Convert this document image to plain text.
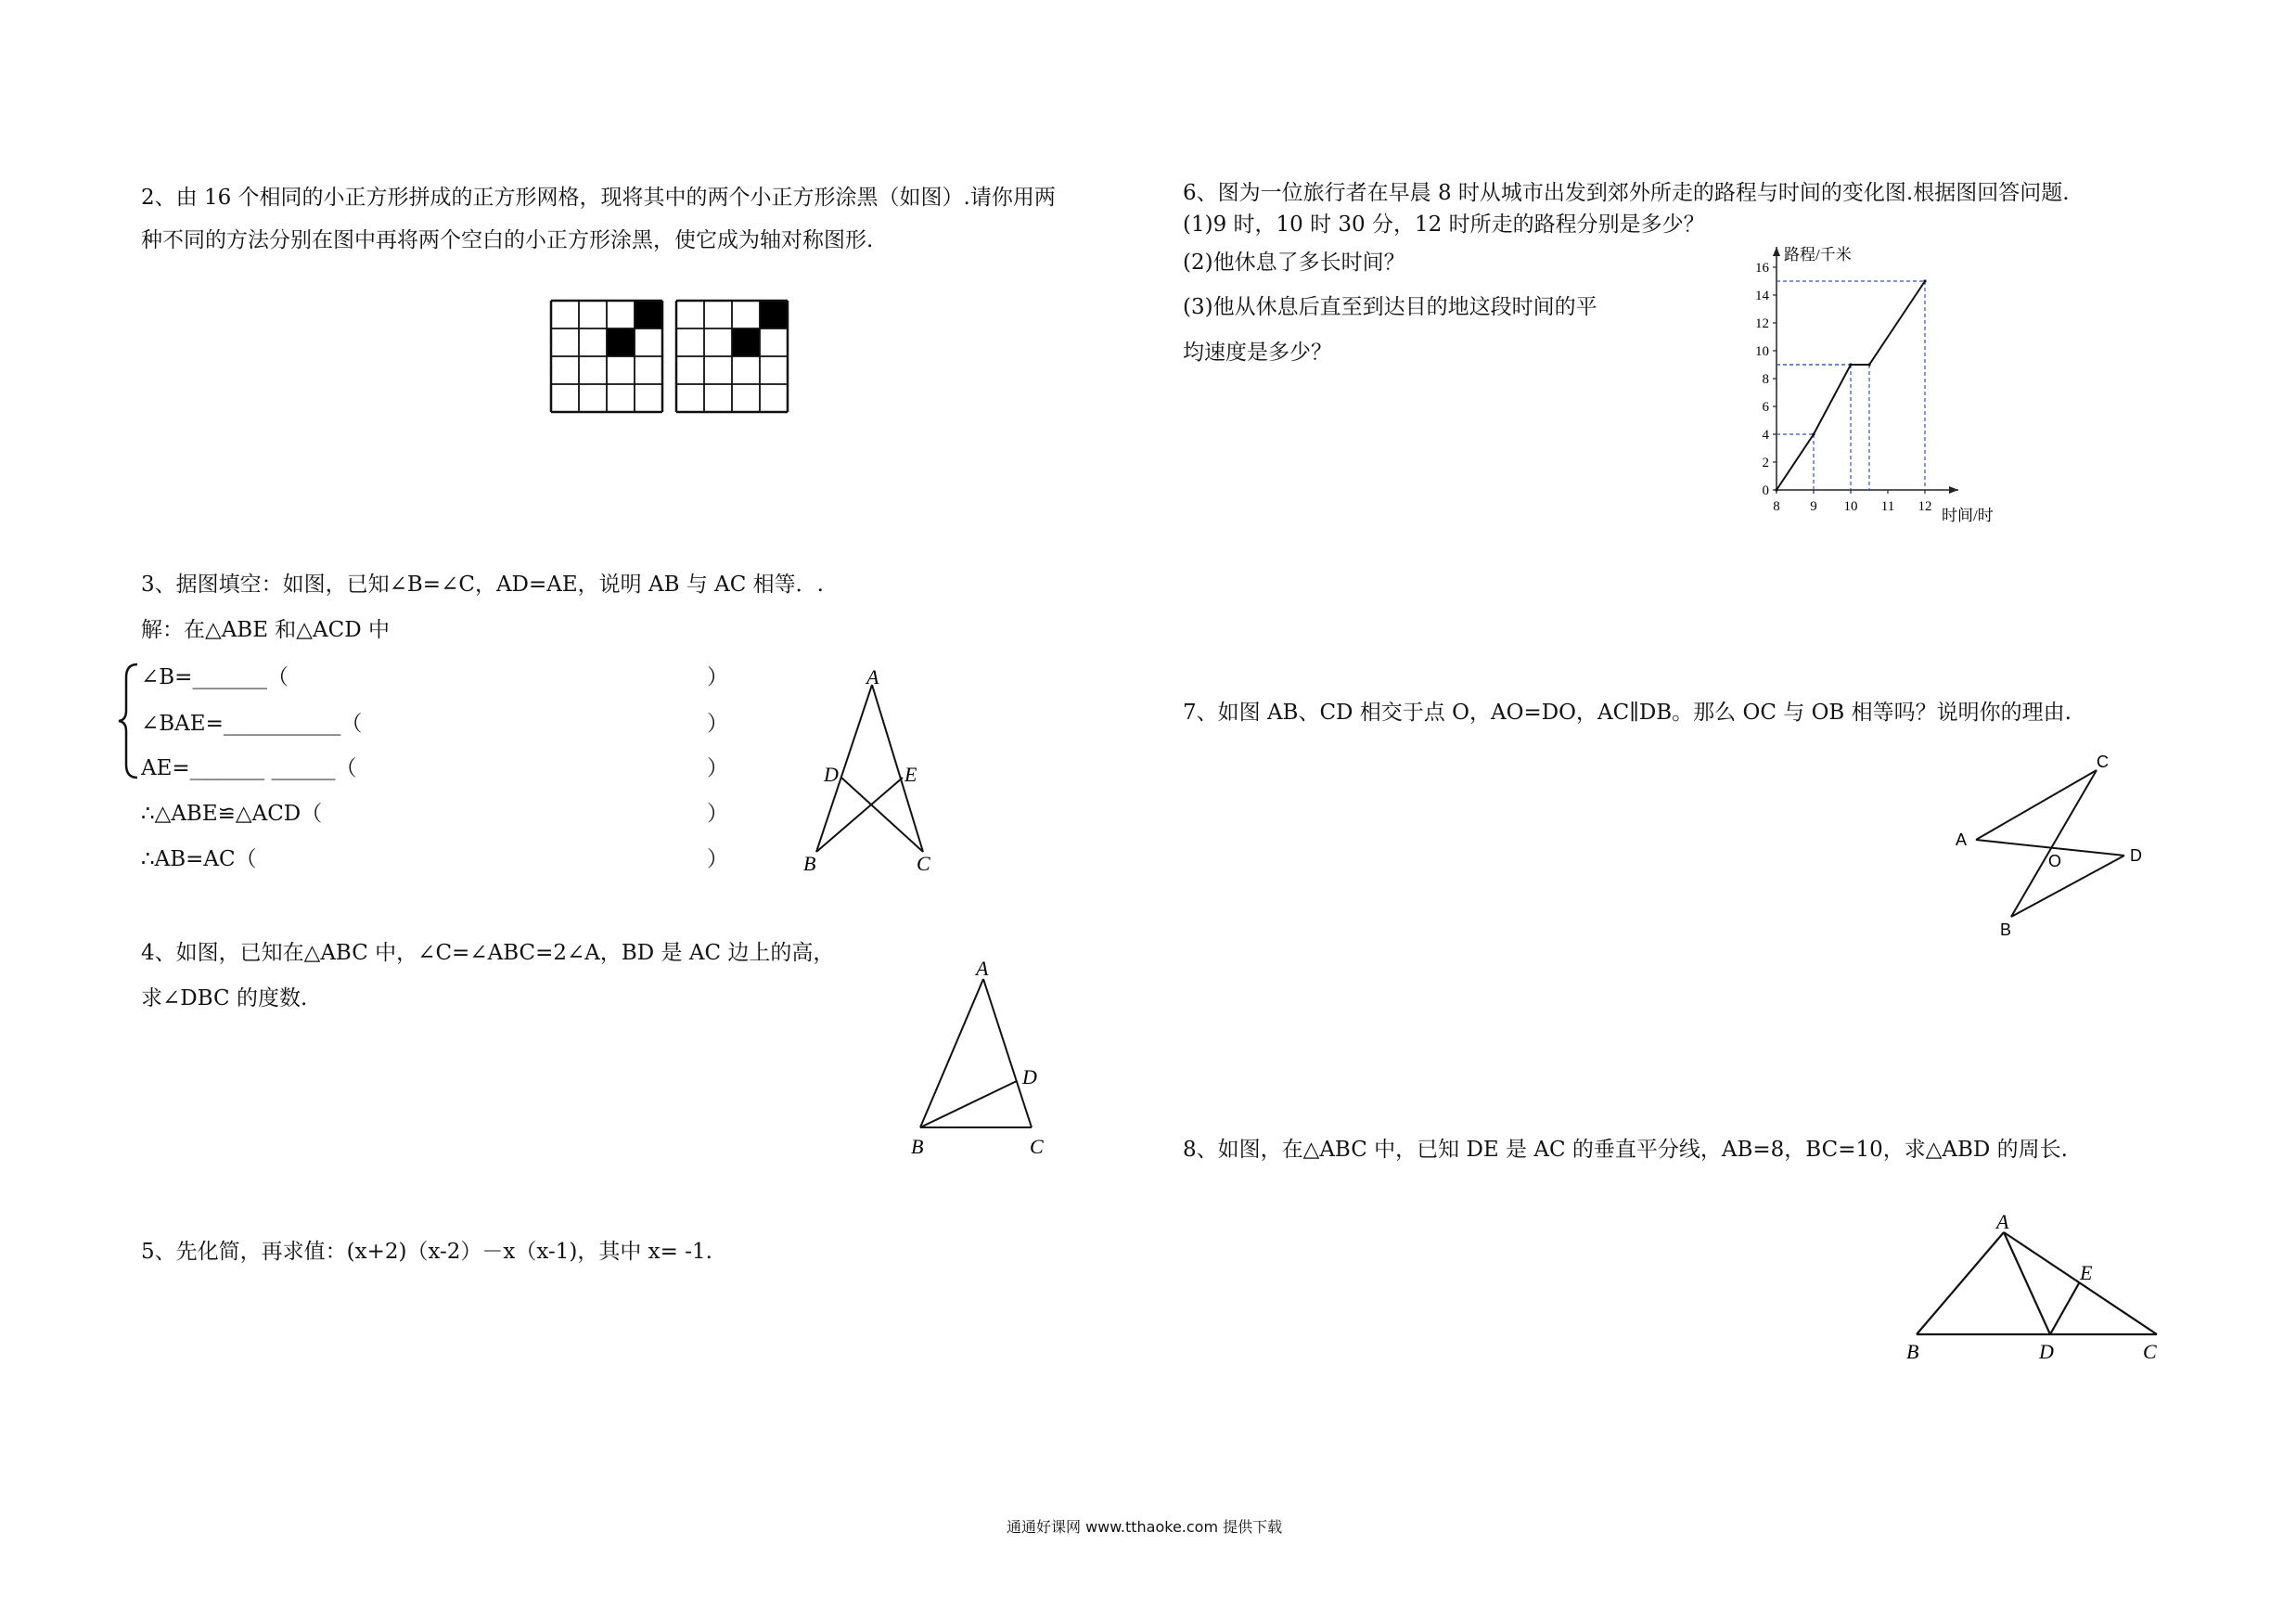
2、由 16 个相同的小正方形拼成的正方形网格，现将其中的两个小正方形涂黑（如图）.请你用两
种不同的方法分别在图中再将两个空白的小正方形涂黑，使它成为轴对称图形.
3、据图填空：如图，已知∠B=∠C，AD=AE，说明 AB 与 AC 相等．.
解：在△ABE 和△ACD 中
∠B=_______（	）
∠BAE=___________（	）
AE=_______ ______（	）
∴△ABE≌△ACD（	）
∴AB=AC（	）
A
B	C
D	E
4、如图，已知在△ABC 中，∠C=∠ABC=2∠A，BD 是 AC 边上的高，
求∠DBC 的度数.
A
B	C
D
5、先化简，再求值：(x+2)（x-2）－x（x-1)，其中 x= -1.
6、图为一位旅行者在早晨 8 时从城市出发到郊外所走的路程与时间的变化图.根据图回答问题.
(1)9 时，10 时 30 分，12 时所走的路程分别是多少？
(2)他休息了多长时间？
(3)他从休息后直至到达目的地这段时间的平
均速度是多少？
0
2
4
6
8
10
12
14
16
8 9 10 11 12
路程/千米
时间/时
7、如图 AB、CD 相交于点 O，AO=DO，AC∥DB。那么 OC 与 OB 相等吗？说明你的理由.
A
B
C
D
O
8、如图，在△ABC 中，已知 DE 是 AC 的垂直平分线，AB=8，BC=10，求△ABD 的周长.
A
B	C
D
E
通通好课网 www.tthaoke.com 提供下载
